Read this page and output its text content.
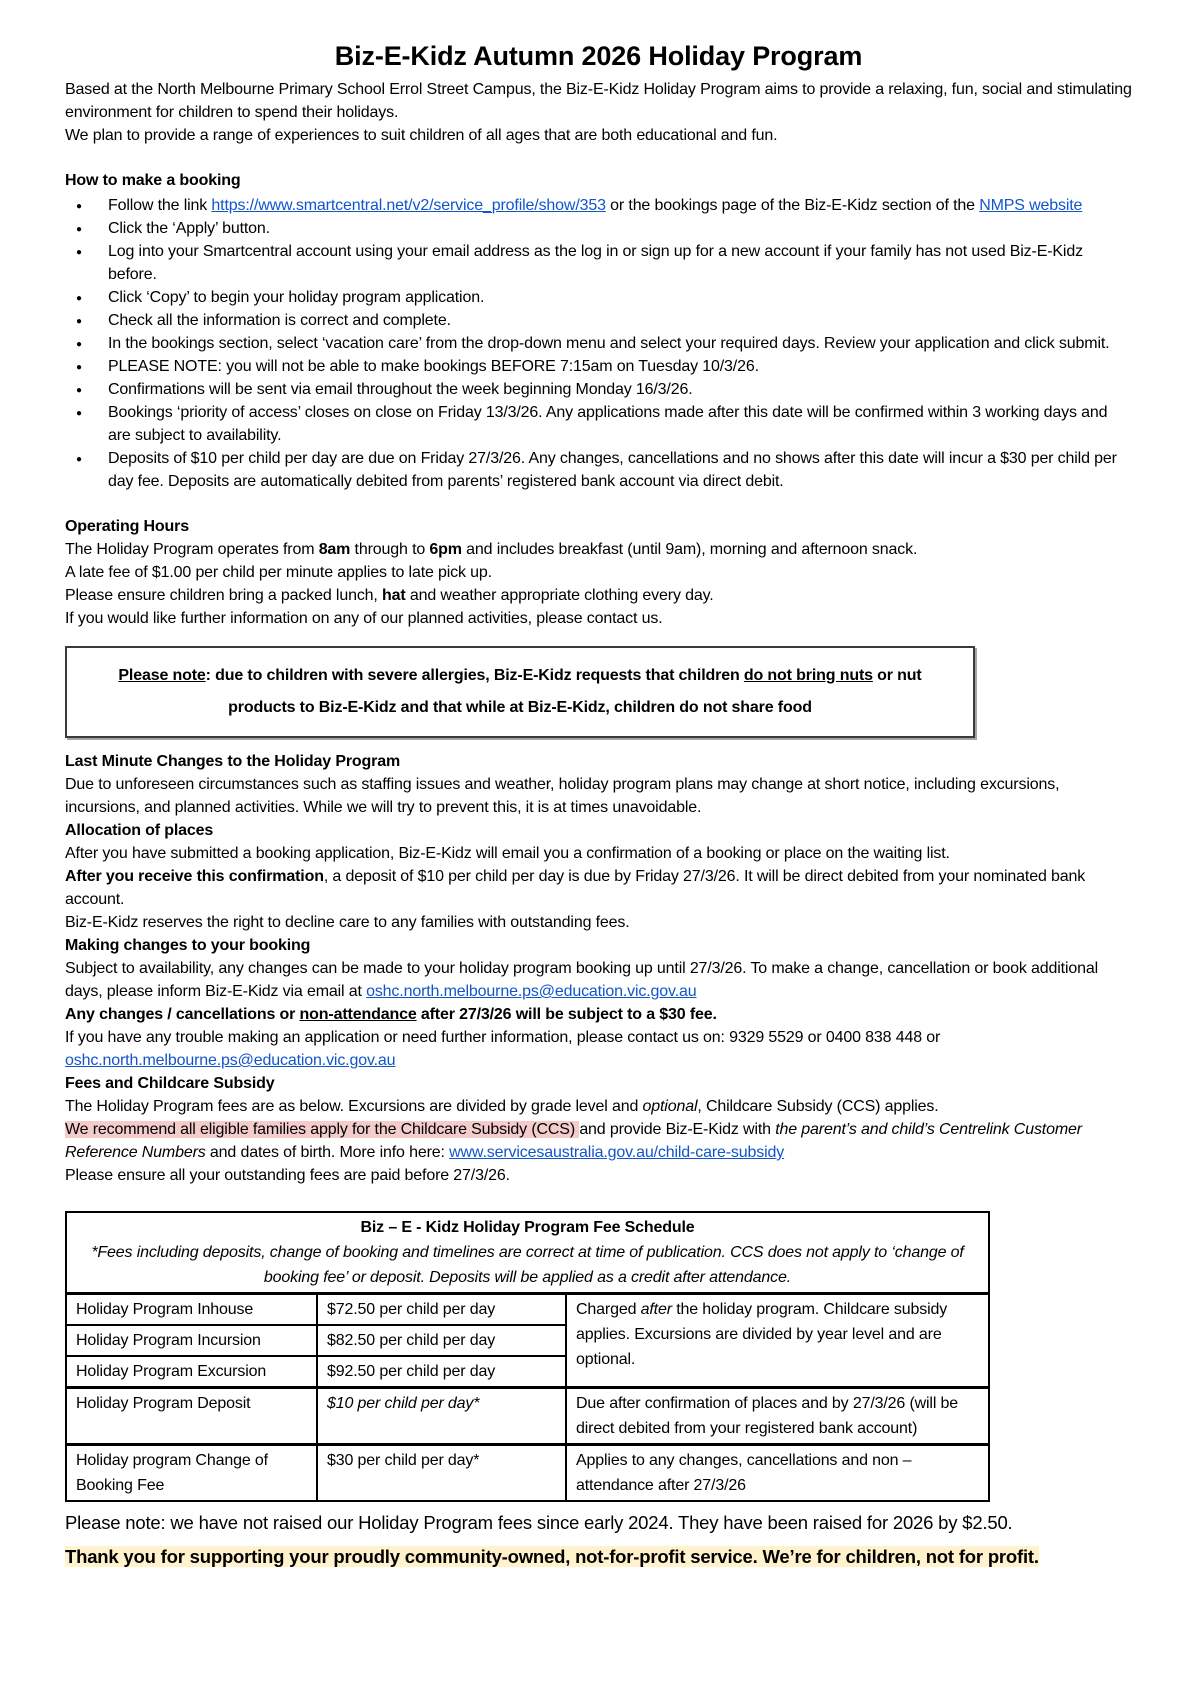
Biz-E-Kidz Autumn 2026 Holiday Program

Based at the North Melbourne Primary School Errol Street Campus, the Biz-E-Kidz Holiday Program aims to provide a relaxing, fun, social and stimulating environment for children to spend their holidays.

We plan to provide a range of experiences to suit children of all ages that are both educational and fun.

How to make a booking
● Follow the link https://www.smartcentral.net/v2/service_profile/show/353 or the bookings page of the Biz-E-Kidz section of the NMPS website
● Click the ‘Apply’ button.
● Log into your Smartcentral account using your email address as the log in or sign up for a new account if your family has not used Biz-E-Kidz before.
● Click ‘Copy’ to begin your holiday program application.
● Check all the information is correct and complete.
● In the bookings section, select ‘vacation care’ from the drop-down menu and select your required days. Review your application and click submit.
● PLEASE NOTE: you will not be able to make bookings BEFORE 7:15am on Tuesday 10/3/26.
● Confirmations will be sent via email throughout the week beginning Monday 16/3/26.
● Bookings ‘priority of access’ closes on close on Friday 13/3/26. Any applications made after this date will be confirmed within 3 working days and are subject to availability.
● Deposits of $10 per child per day are due on Friday 27/3/26. Any changes, cancellations and no shows after this date will incur a $30 per child per day fee. Deposits are automatically debited from parents’ registered bank account via direct debit.
Operating Hours

The Holiday Program operates from 8am through to 6pm and includes breakfast (until 9am), morning and afternoon snack.

A late fee of $1.00 per child per minute applies to late pick up.

Please ensure children bring a packed lunch, hat and weather appropriate clothing every day.

If you would like further information on any of our planned activities, please contact us.

Please note: due to children with severe allergies, Biz-E-Kidz requests that children do not bring nuts or nut products to Biz-E-Kidz and that while at Biz-E-Kidz, children do not share food
Last Minute Changes to the Holiday Program

Due to unforeseen circumstances such as staffing issues and weather, holiday program plans may change at short notice, including excursions, incursions, and planned activities. While we will try to prevent this, it is at times unavoidable.

Allocation of places

After you have submitted a booking application, Biz-E-Kidz will email you a confirmation of a booking or place on the waiting list.

After you receive this confirmation, a deposit of $10 per child per day is due by Friday 27/3/26. It will be direct debited from your nominated bank account.

Biz-E-Kidz reserves the right to decline care to any families with outstanding fees.

Making changes to your booking

Subject to availability, any changes can be made to your holiday program booking up until 27/3/26. To make a change, cancellation or book additional days, please inform Biz-E-Kidz via email at oshc.north.melbourne.ps@education.vic.gov.au

Any changes / cancellations or non-attendance after 27/3/26 will be subject to a $30 fee.

If you have any trouble making an application or need further information, please contact us on: 9329 5529 or 0400 838 448 or oshc.north.melbourne.ps@education.vic.gov.au

Fees and Childcare Subsidy

The Holiday Program fees are as below. Excursions are divided by grade level and optional, Childcare Subsidy (CCS) applies.

We recommend all eligible families apply for the Childcare Subsidy (CCS) and provide Biz-E-Kidz with the parent’s and child’s Centrelink Customer Reference Numbers and dates of birth. More info here: www.servicesaustralia.gov.au/child-care-subsidy

Please ensure all your outstanding fees are paid before 27/3/26.

Biz – E - Kidz Holiday Program Fee Schedule
*Fees including deposits, change of booking and timelines are correct at time of publication. CCS does not apply to ‘change of booking fee’ or deposit. Deposits will be applied as a credit after attendance.		

Holiday Program Inhouse	$72.50 per child per day	Charged after the holiday program. Childcare subsidy applies. Excursions are divided by year level and are optional.
Holiday Program Incursion	$82.50 per child per day	
Holiday Program Excursion	$92.50 per child per day	
Holiday Program Deposit	$10 per child per day*	Due after confirmation of places and by 27/3/26 (will be direct debited from your registered bank account)
Holiday program Change of Booking Fee	$30 per child per day*	Applies to any changes, cancellations and non – attendance after 27/3/26

Please note: we have not raised our Holiday Program fees since early 2024. They have been raised for 2026 by $2.50.

Thank you for supporting your proudly community-owned, not-for-profit service. We’re for children, not for profit.
